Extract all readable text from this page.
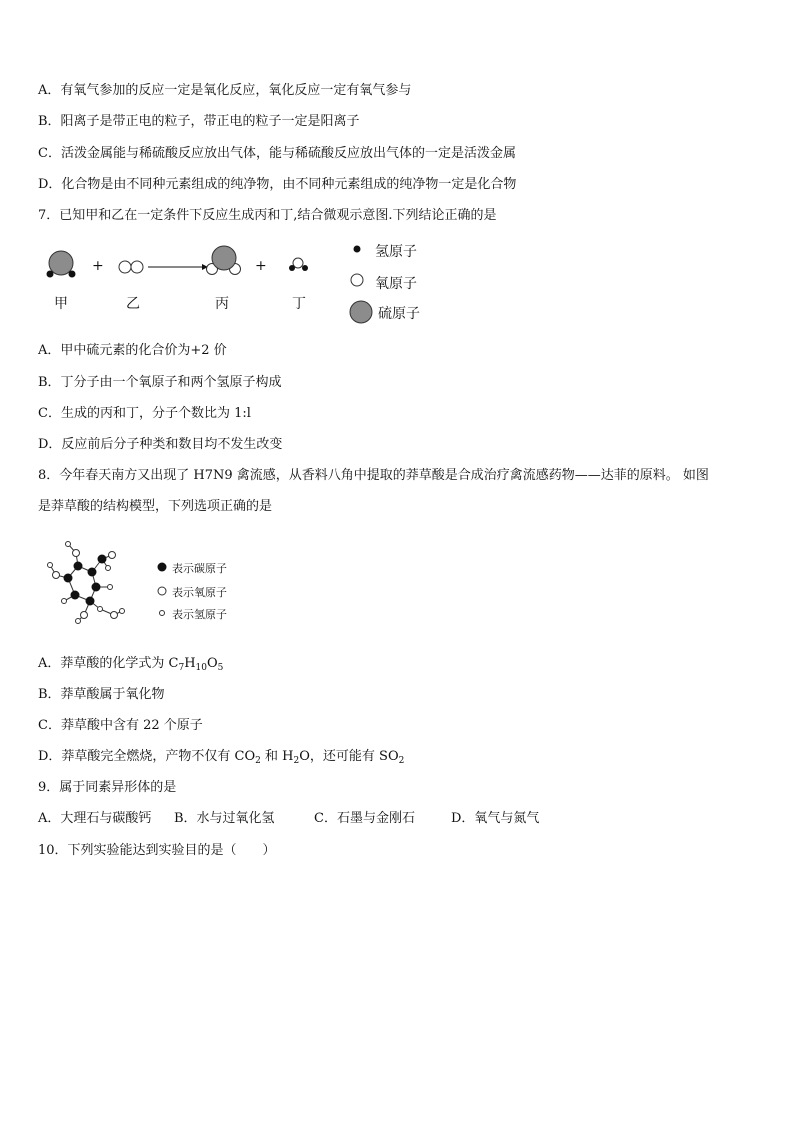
A．有氧气参加的反应一定是氧化反应，氧化反应一定有氧气参与
B．阳离子是带正电的粒子，带正电的粒子一定是阳离子
C．活泼金属能与稀硫酸反应放出气体，能与稀硫酸反应放出气体的一定是活泼金属
D．化合物是由不同种元素组成的纯净物，由不同种元素组成的纯净物一定是化合物
7．已知甲和乙在一定条件下反应生成丙和丁,结合微观示意图.下列结论正确的是
+	+
甲	乙	丙	丁
氢原子
氧原子
硫原子
A．甲中硫元素的化合价为+2 价
B．丁分子由一个氧原子和两个氢原子构成
C．生成的丙和丁，分子个数比为 1:l
D．反应前后分子种类和数目均不发生改变
8．今年春天南方又出现了 H7N9 禽流感，从香料八角中提取的莽草酸是合成治疗禽流感药物——达菲的原料。 如图
是莽草酸的结构模型，下列选项正确的是
表示碳原子
表示氧原子
表示氢原子
A．莽草酸的化学式为 $C_7H_{10}O_5$
B．莽草酸属于氧化物
C．莽草酸中含有 22 个原子
D．莽草酸完全燃烧，产物不仅有 $CO_2$ 和 $H_2O$，还可能有 $SO_2$
9．属于同素异形体的是
A．大理石与碳酸钙 B．水与过氧化氢	C．石墨与金刚石	D．氧气与氮气
10．下列实验能达到实验目的是（　　）
